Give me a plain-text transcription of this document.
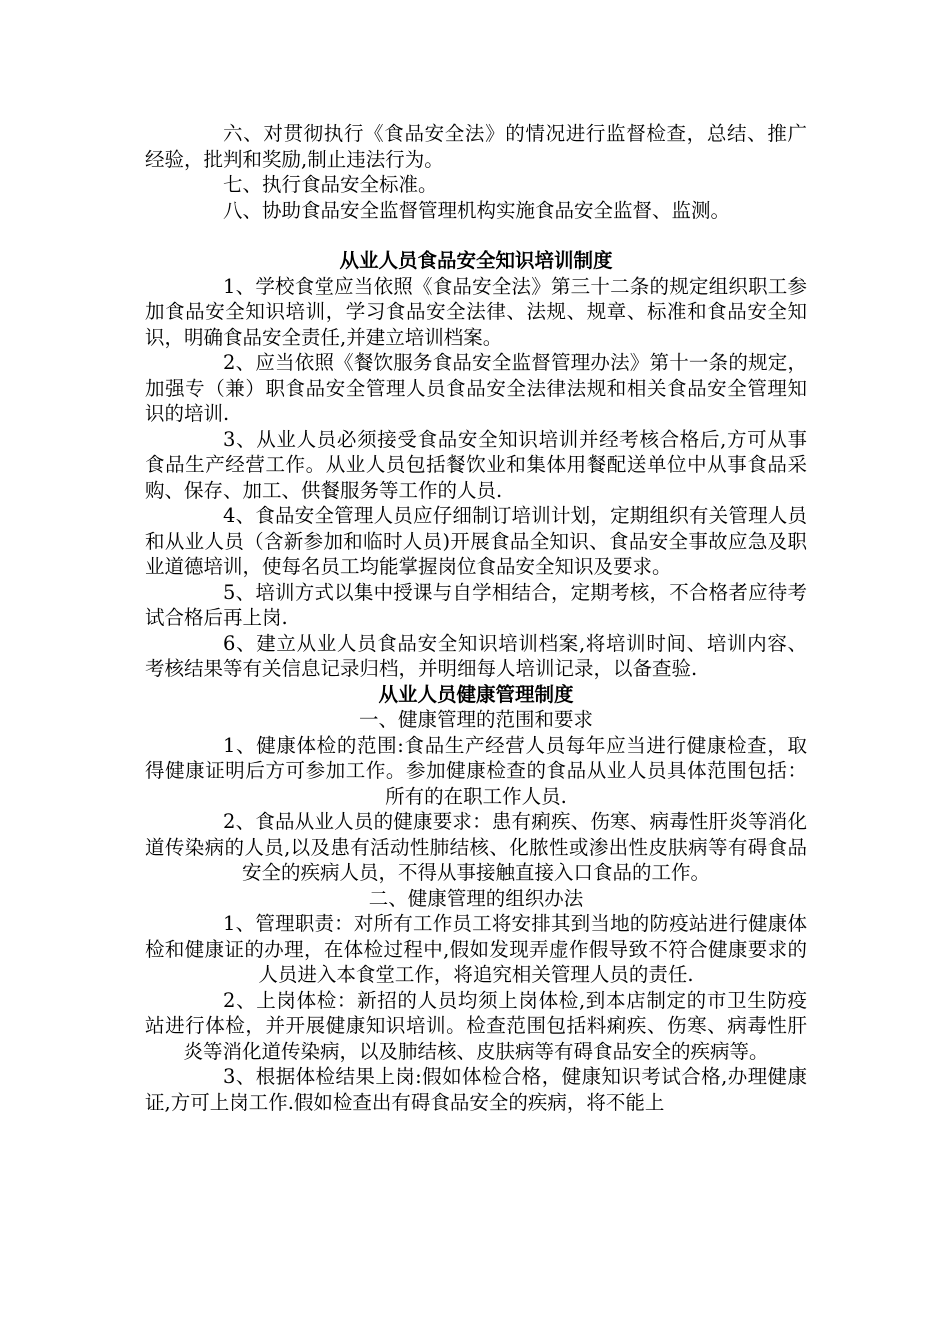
六、对贯彻执行《食品安全法》的情况进行监督检查，总结、推广经验，批判和奖励,制止违法行为。

七、执行食品安全标准。

八、协助食品安全监督管理机构实施食品安全监督、监测。

从业人员食品安全知识培训制度

1、学校食堂应当依照《食品安全法》第三十二条的规定组织职工参加食品安全知识培训，学习食品安全法律、法规、规章、标准和食品安全知识，明确食品安全责任,并建立培训档案。

2、应当依照《餐饮服务食品安全监督管理办法》第十一条的规定，加强专（兼）职食品安全管理人员食品安全法律法规和相关食品安全管理知识的培训.

3、从业人员必须接受食品安全知识培训并经考核合格后,方可从事食品生产经营工作。从业人员包括餐饮业和集体用餐配送单位中从事食品采购、保存、加工、供餐服务等工作的人员.

4、食品安全管理人员应仔细制订培训计划，定期组织有关管理人员和从业人员（含新参加和临时人员)开展食品全知识、食品安全事故应急及职业道德培训，使每名员工均能掌握岗位食品安全知识及要求。

5、培训方式以集中授课与自学相结合，定期考核，不合格者应待考试合格后再上岗.

6、建立从业人员食品安全知识培训档案,将培训时间、培训内容、考核结果等有关信息记录归档，并明细每人培训记录，以备查验.

从业人员健康管理制度

一、健康管理的范围和要求

1、健康体检的范围:食品生产经营人员每年应当进行健康检查，取得健康证明后方可参加工作。参加健康检查的食品从业人员具体范围包括：所有的在职工作人员.

2、食品从业人员的健康要求：患有痢疾、伤寒、病毒性肝炎等消化道传染病的人员,以及患有活动性肺结核、化脓性或渗出性皮肤病等有碍食品安全的疾病人员，不得从事接触直接入口食品的工作。

二、健康管理的组织办法

1、管理职责：对所有工作员工将安排其到当地的防疫站进行健康体检和健康证的办理，在体检过程中,假如发现弄虚作假导致不符合健康要求的人员进入本食堂工作，将追究相关管理人员的责任.

2、上岗体检：新招的人员均须上岗体检,到本店制定的市卫生防疫站进行体检，并开展健康知识培训。检查范围包括料痢疾、伤寒、病毒性肝炎等消化道传染病，以及肺结核、皮肤病等有碍食品安全的疾病等。

3、根据体检结果上岗:假如体检合格，健康知识考试合格,办理健康证,方可上岗工作.假如检查出有碍食品安全的疾病，将不能上
